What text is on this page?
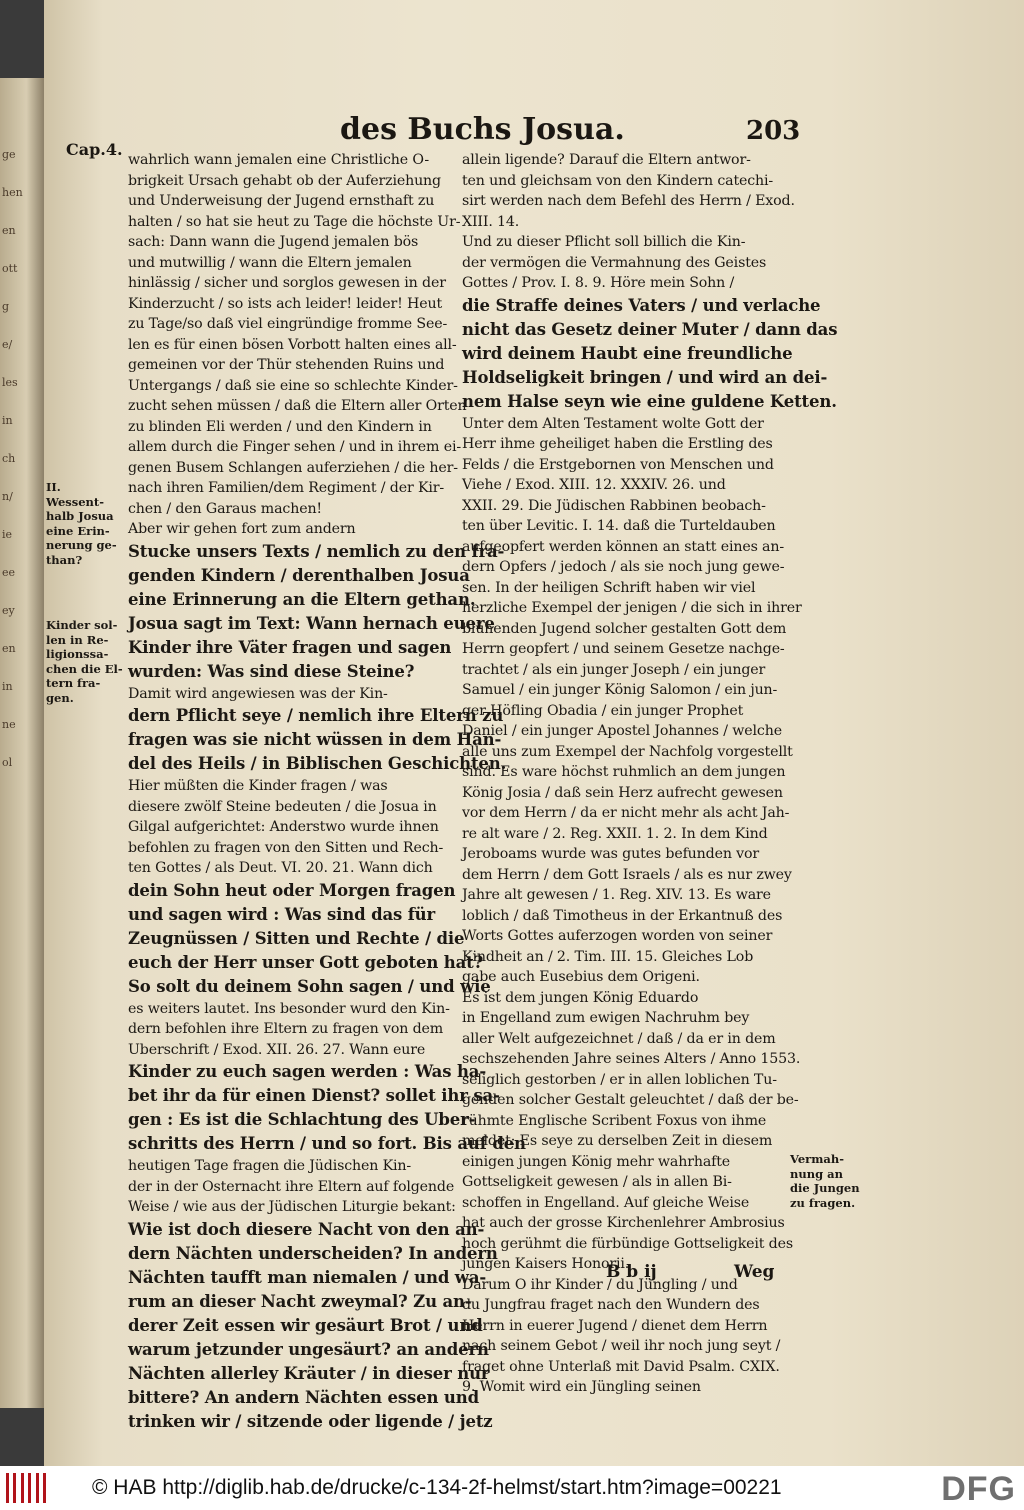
ge
hen
en
ott
g
e/
les
in
ch
n/
ie
ee
ey
en
in
ne
ol
Cap.4.
des Buchs Josua.	203
wahrlich wann jemalen eine Christliche O-
brigkeit Ursach gehabt ob der Auferziehung
und Underweisung der Jugend ernsthaft zu
halten / so hat sie heut zu Tage die höchste Ur-
sach: Dann wann die Jugend jemalen bös
und mutwillig / wann die Eltern jemalen
hinlässig / sicher und sorglos gewesen in der
Kinderzucht / so ists ach leider! leider! Heut
zu Tage/so daß viel eingründige fromme See-
len es für einen bösen Vorbott halten eines all-
gemeinen vor der Thür stehenden Ruins und
Untergangs / daß sie eine so schlechte Kinder-
zucht sehen müssen / daß die Eltern aller Orten
zu blinden Eli werden / und den Kindern in
allem durch die Finger sehen / und in ihrem ei-
genen Busem Schlangen auferziehen / die her-
nach ihren Familien/dem Regiment / der Kir-
chen / den Garaus machen!
Aber wir gehen fort zum andern
Stucke unsers Texts / nemlich zu den fra-
genden Kindern / derenthalben Josua
eine Erinnerung an die Eltern gethan.
Josua sagt im Text: Wann hernach euere
Kinder ihre Väter fragen und sagen
wurden: Was sind diese Steine?
Damit wird angewiesen was der Kin-
dern Pflicht seye / nemlich ihre Eltern zu
fragen was sie nicht wüssen in dem Han-
del des Heils / in Biblischen Geschichten.
Hier müßten die Kinder fragen / was
diesere zwölf Steine bedeuten / die Josua in
Gilgal aufgerichtet: Anderstwo wurde ihnen
befohlen zu fragen von den Sitten und Rech-
ten Gottes / als Deut. VI. 20. 21. Wann dich
dein Sohn heut oder Morgen fragen
und sagen wird : Was sind das für
Zeugnüssen / Sitten und Rechte / die
euch der Herr unser Gott geboten hat?
So solt du deinem Sohn sagen / und wie
es weiters lautet. Ins besonder wurd den Kin-
dern befohlen ihre Eltern zu fragen von dem
Uberschrift / Exod. XII. 26. 27. Wann eure
Kinder zu euch sagen werden : Was ha-
bet ihr da für einen Dienst? sollet ihr sa-
gen : Es ist die Schlachtung des Uber-
schritts des Herrn / und so fort. Bis auf den
heutigen Tage fragen die Jüdischen Kin-
der in der Osternacht ihre Eltern auf folgende
Weise / wie aus der Jüdischen Liturgie bekant:
Wie ist doch diesere Nacht von den an-
dern Nächten underscheiden? In andern
Nächten taufft man niemalen / und wa-
rum an dieser Nacht zweymal? Zu an-
derer Zeit essen wir gesäurt Brot / und
warum jetzunder ungesäurt? an andern
Nächten allerley Kräuter / in dieser nur
bittere? An andern Nächten essen und
trinken wir / sitzende oder ligende / jetz
allein ligende? Darauf die Eltern antwor-
ten und gleichsam von den Kindern catechi-
sirt werden nach dem Befehl des Herrn / Exod.
XIII. 14.
Und zu dieser Pflicht soll billich die Kin-
der vermögen die Vermahnung des Geistes
Gottes / Prov. I. 8. 9. Höre mein Sohn /
die Straffe deines Vaters / und verlache
nicht das Gesetz deiner Muter / dann das
wird deinem Haubt eine freundliche
Holdseligkeit bringen / und wird an dei-
nem Halse seyn wie eine guldene Ketten.
Unter dem Alten Testament wolte Gott der
Herr ihme geheiliget haben die Erstling des
Felds / die Erstgebornen von Menschen und
Viehe / Exod. XIII. 12. XXXIV. 26. und
XXII. 29. Die Jüdischen Rabbinen beobach-
ten über Levitic. I. 14. daß die Turteldauben
aufgeopfert werden können an statt eines an-
dern Opfers / jedoch / als sie noch jung gewe-
sen. In der heiligen Schrift haben wir viel
herzliche Exempel der jenigen / die sich in ihrer
blühenden Jugend solcher gestalten Gott dem
Herrn geopfert / und seinem Gesetze nachge-
trachtet / als ein junger Joseph / ein junger
Samuel / ein junger König Salomon / ein jun-
ger Höfling Obadia / ein junger Prophet
Daniel / ein junger Apostel Johannes / welche
alle uns zum Exempel der Nachfolg vorgestellt
sind. Es ware höchst ruhmlich an dem jungen
König Josia / daß sein Herz aufrecht gewesen
vor dem Herrn / da er nicht mehr als acht Jah-
re alt ware / 2. Reg. XXII. 1. 2. In dem Kind
Jeroboams wurde was gutes befunden vor
dem Herrn / dem Gott Israels / als es nur zwey
Jahre alt gewesen / 1. Reg. XIV. 13. Es ware
loblich / daß Timotheus in der Erkantnuß des
Worts Gottes auferzogen worden von seiner
Kindheit an / 2. Tim. III. 15. Gleiches Lob
gabe auch Eusebius dem Origeni.
Es ist dem jungen König Eduardo
in Engelland zum ewigen Nachruhm bey
aller Welt aufgezeichnet / daß / da er in dem
sechszehenden Jahre seines Alters / Anno 1553.
seliglich gestorben / er in allen loblichen Tu-
genden solcher Gestalt geleuchtet / daß der be-
rühmte Englische Scribent Foxus von ihme
meldet: Es seye zu derselben Zeit in diesem
einigen jungen König mehr wahrhafte
Gottseligkeit gewesen / als in allen Bi-
schoffen in Engelland. Auf gleiche Weise
hat auch der grosse Kirchenlehrer Ambrosius
hoch gerühmt die fürbündige Gottseligkeit des
jungen Kaisers Honorii.
Darum O ihr Kinder / du Jüngling / und
du Jungfrau fraget nach den Wundern des
Herrn in euerer Jugend / dienet dem Herrn
nach seinem Gebot / weil ihr noch jung seyt /
fraget ohne Unterlaß mit David Psalm. CXIX.
9. Womit wird ein Jüngling seinen
II.
Wessent-
halb Josua
eine Erin-
nerung ge-
than?
Kinder sol-
len in Re-
ligionssa-
chen die El-
tern fra-
gen.
Vermah-
nung an
die Jungen
zu fragen.
B b ij	Weg
© HAB http://diglib.hab.de/drucke/c-134-2f-helmst/start.htm?image=00221	DFG
